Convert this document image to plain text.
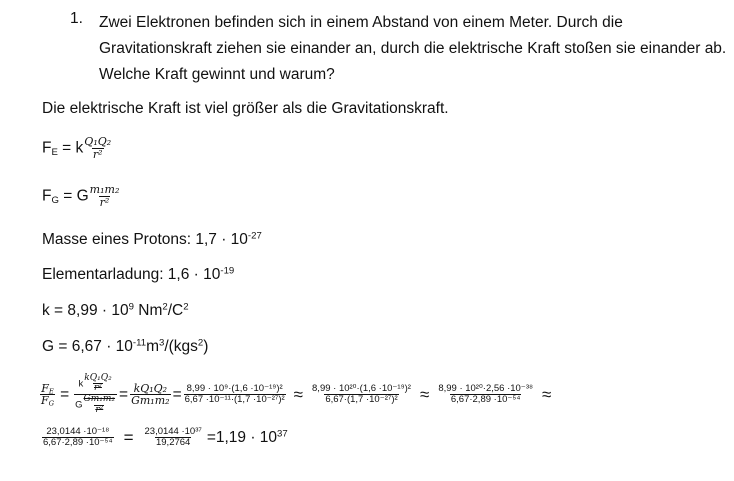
1. Zwei Elektronen befinden sich in einem Abstand von einem Meter. Durch die Gravitationskraft ziehen sie einander an, durch die elektrische Kraft stoßen sie einander ab. Welche Kraft gewinnt und warum?
Die elektrische Kraft ist viel größer als die Gravitationskraft.
$F_E = k \frac{\text{Q₁Q₂}}{\text{r²}}$
$F_G = G \frac{\text{m₁m₂}}{\text{r²}}$
Masse eines Protons: $1,7 \cdot 10^{-27}$
Elementarladung: $1,6 \cdot 10^{-19}$
$k = 8,99 \cdot 10^9$ $Nm^2/C^2$
$G = 6,67 \cdot 10^{-11}m^3/(kgs^2)$
$\frac{F_E}{F_G} = \frac{k \frac{\text{kQ₁Q₂}}{\text{r²}}}{G \frac{\text{Gm₁m₂}}{\text{r²}}} = \frac{\text{kQ₁Q₂}}{\text{Gm₁m₂}} = \frac{\text{8,99 · 10⁹·(1,6 ·10⁻¹⁹)²}}{\text{6,67 ·10⁻¹¹·(1,7 ·10⁻²⁷)²}} \approx \frac{\text{8,99 · 10²⁰·(1,6 ·10⁻¹⁹)²}}{\text{6,67·(1,7 ·10⁻²⁷)²}} \approx \frac{\text{8,99 · 10²⁰·2,56 ·10⁻³⁸}}{\text{6,67·2,89 ·10⁻⁵⁴}}$ ≈
$\frac{\text{23,0144 ·10⁻¹⁸}}{\text{6,67·2,89 ·10⁻⁵⁴}} = \frac{\text{23,0144 ·10³⁷}}{19,2764} =1,19 \cdot 10^{37}$
